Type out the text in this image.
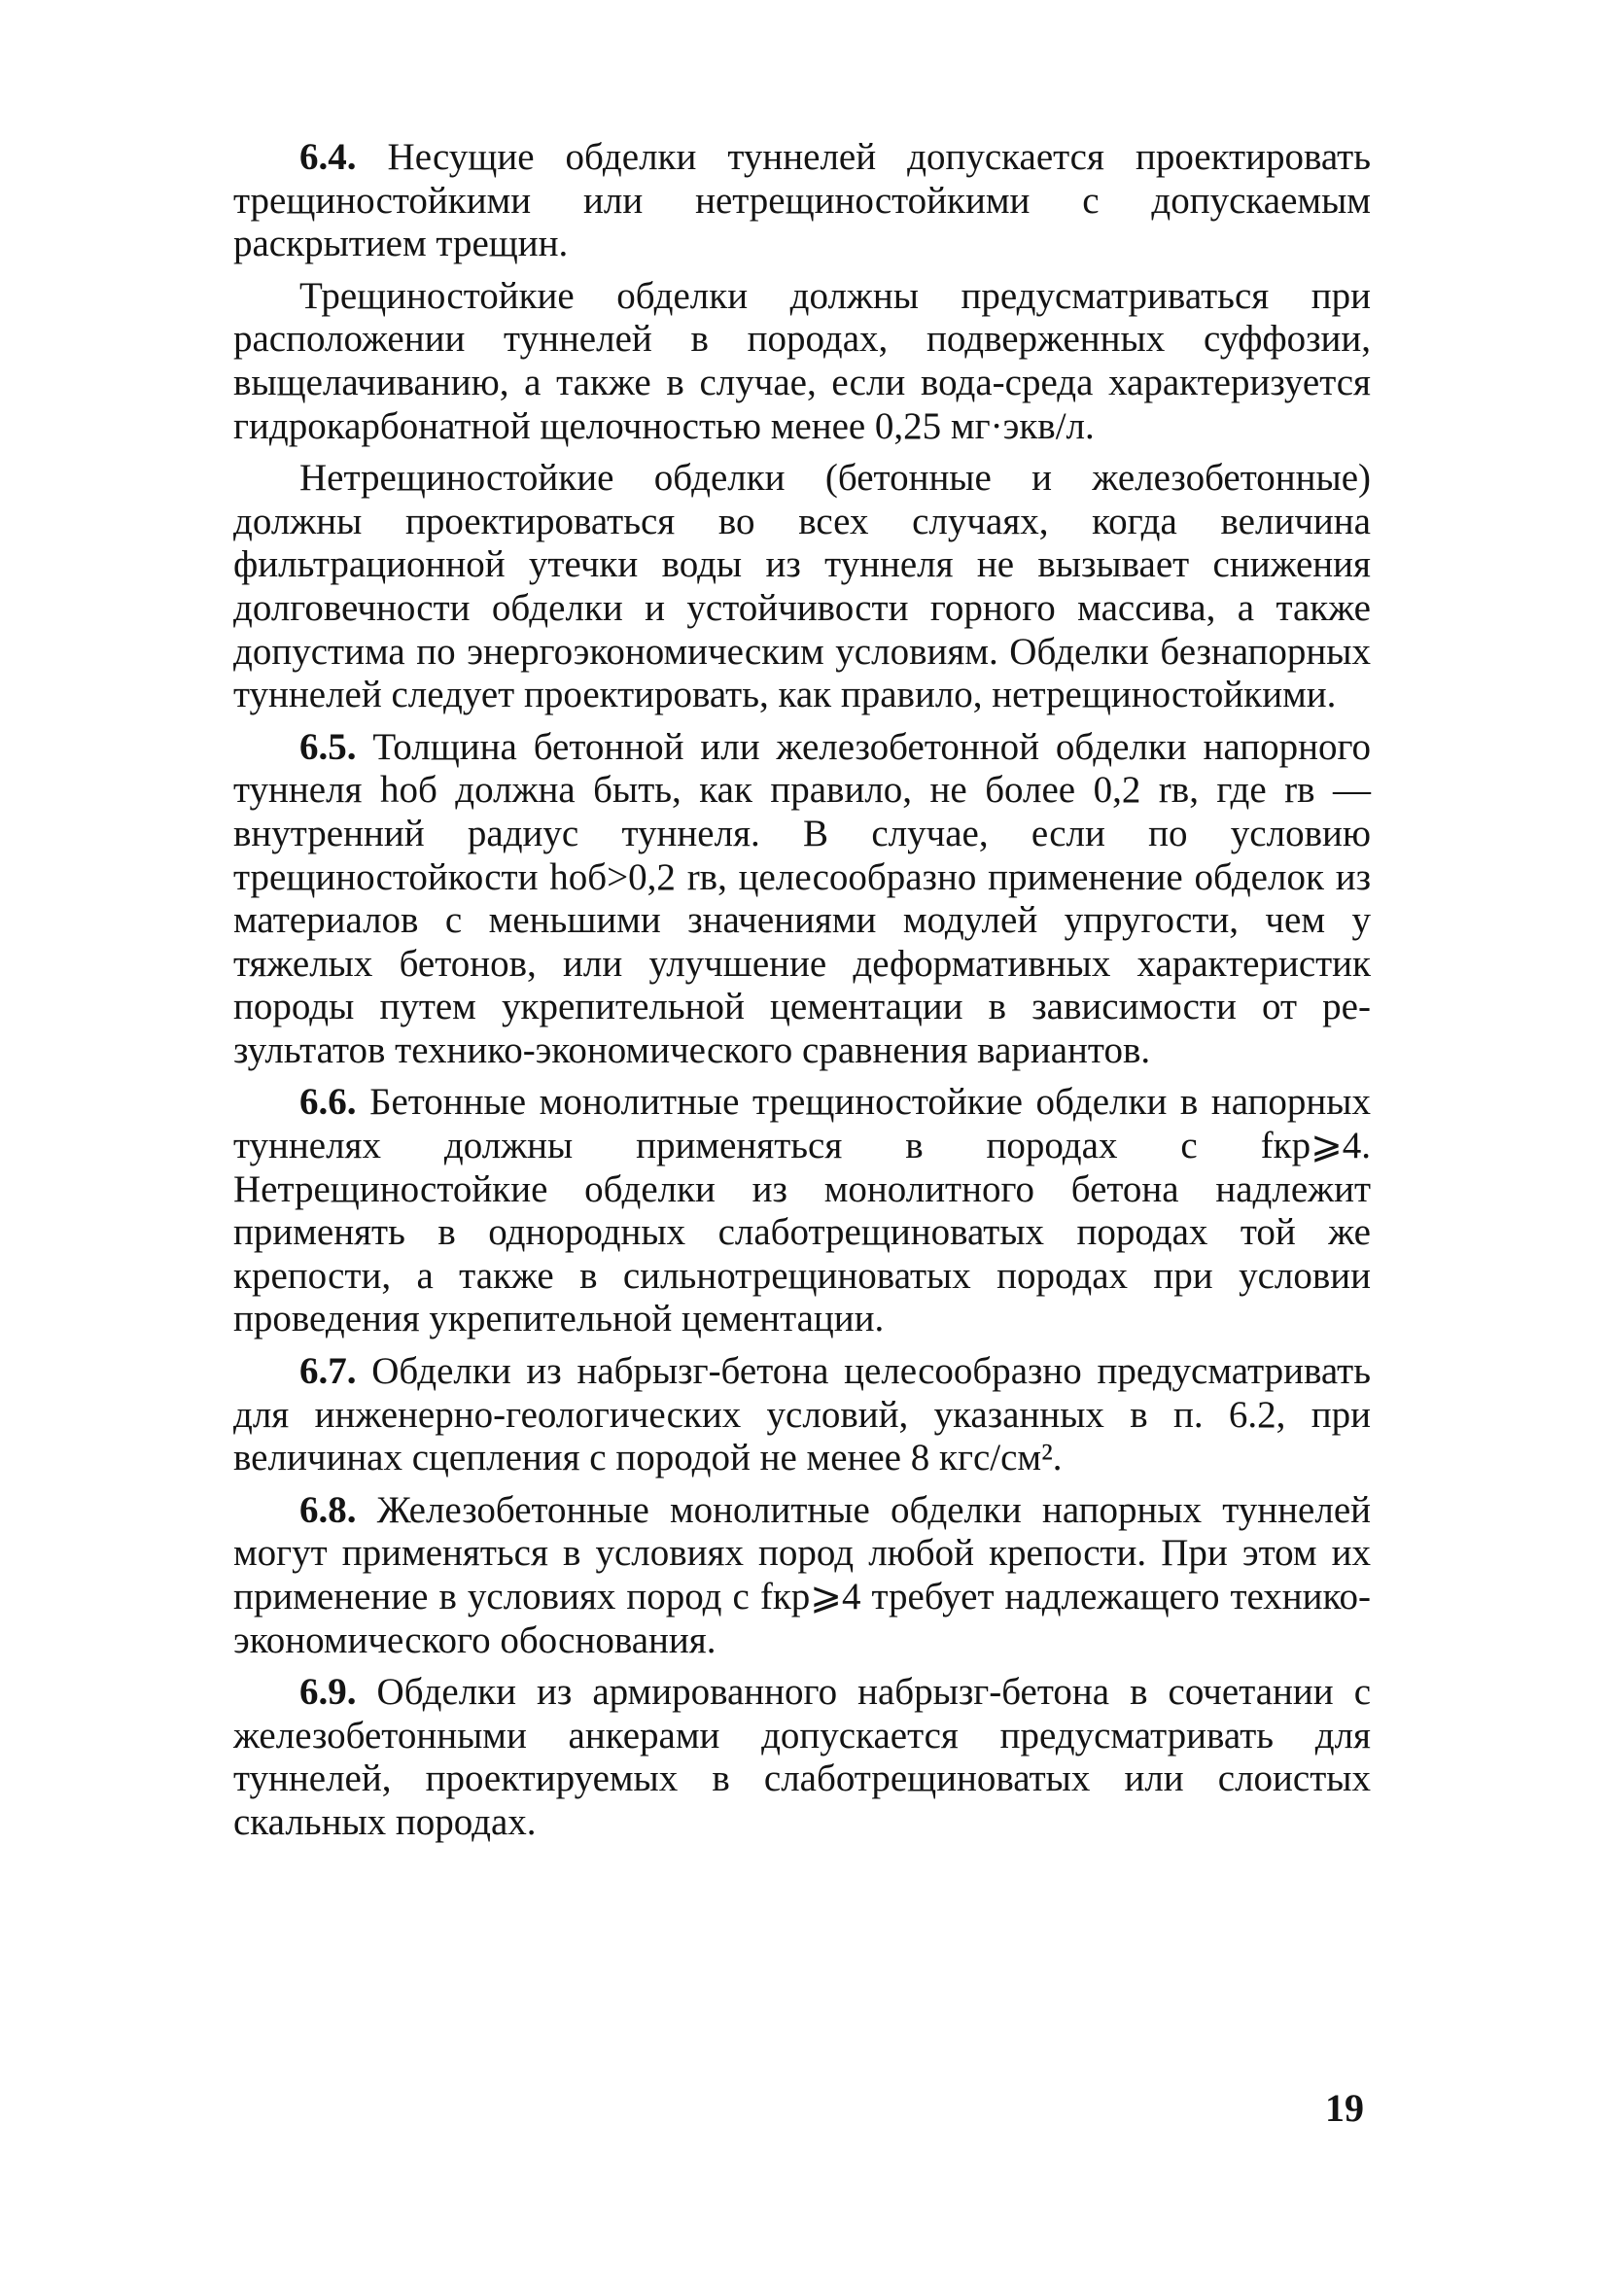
6.4. Несущие обделки туннелей допускается проектировать трещиностойкими или нетрещиностойкими с допускаемым раскрытием трещин.

Трещиностойкие обделки должны предусматриваться при расположении туннелей в породах, подверженных суффозии, выщелачиванию, а также в случае, если вода-среда характеризуется гидрокарбонатной щелочностью менее 0,25 мг·экв/л.

Нетрещиностойкие обделки (бетонные и железобетонные) должны проектироваться во всех случаях, когда величина фильтрационной утечки воды из туннеля не вызывает снижения долговечности обделки и устойчивости горного массива, а также допустима по энергоэкономическим условиям. Обделки безнапорных туннелей следует проектировать, как правило, нетрещиностойкими.

6.5. Толщина бетонной или железобетонной обделки напорного туннеля hоб должна быть, как правило, не более 0,2 rв, где rв — внутренний радиус туннеля. В случае, если по условию трещиностойкости hоб>0,2 rв, целесообразно применение обделок из материалов с меньшими значениями модулей упругости, чем у тяжелых бетонов, или улучшение деформативных характеристик породы путем укрепительной цементации в зависимости от результатов технико-экономического сравнения вариантов.

6.6. Бетонные монолитные трещиностойкие обделки в напорных туннелях должны применяться в породах с fкр⩾4. Нетрещиностойкие обделки из монолитного бетона надлежит применять в однородных слаботрещиноватых породах той же крепости, а также в сильнотрещиноватых породах при условии проведения укрепительной цементации.

6.7. Обделки из набрызг-бетона целесообразно предусматривать для инженерно-геологических условий, указанных в п. 6.2, при величинах сцепления с породой не менее 8 кгс/см².

6.8. Железобетонные монолитные обделки напорных туннелей могут применяться в условиях пород любой крепости. При этом их применение в условиях пород с fкр⩾4 требует надлежащего технико-экономического обоснования.

6.9. Обделки из армированного набрызг-бетона в сочетании с железобетонными анкерами допускается предусматривать для туннелей, проектируемых в слаботрещиноватых или слоистых скальных породах.

19
